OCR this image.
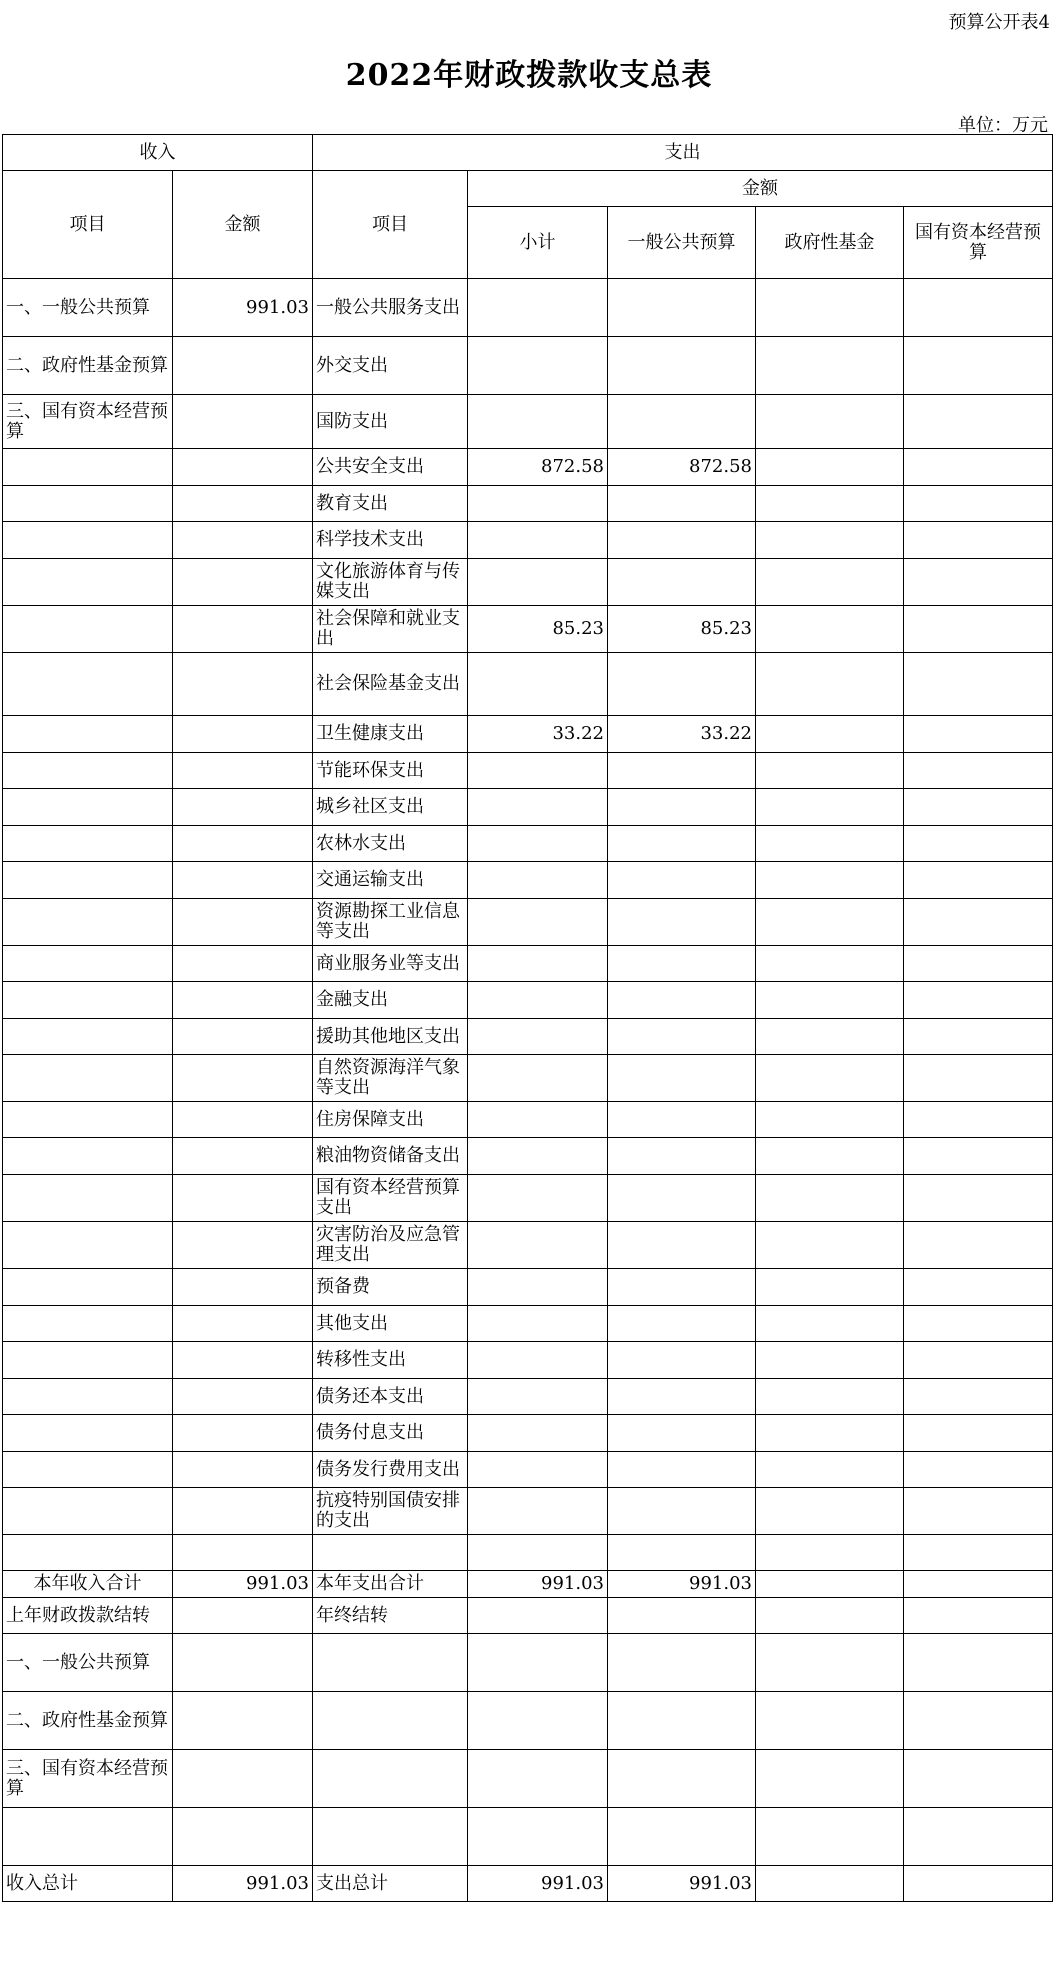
预算公开表4
2022年财政拨款收支总表
单位：万元
收入		支出				
项目	金额	项目	金额			
			小计	一般公共预算	政府性基金	国有资本经营预算
一、一般公共预算	991.03	一般公共服务支出				
二、政府性基金预算		外交支出				
三、国有资本经营预算		国防支出				
		公共安全支出	872.58	872.58		
		教育支出				
		科学技术支出				
		文化旅游体育与传媒支出				
		社会保障和就业支出	85.23	85.23		
		社会保险基金支出				
		卫生健康支出	33.22	33.22		
		节能环保支出				
		城乡社区支出				
		农林水支出				
		交通运输支出				
		资源勘探工业信息等支出				
		商业服务业等支出				
		金融支出				
		援助其他地区支出				
		自然资源海洋气象等支出				
		住房保障支出				
		粮油物资储备支出				
		国有资本经营预算支出				
		灾害防治及应急管理支出				
		预备费				
		其他支出				
		转移性支出				
		债务还本支出				
		债务付息支出				
		债务发行费用支出				
		抗疫特别国债安排的支出				

本年收入合计	991.03	本年支出合计	991.03	991.03		
上年财政拨款结转		年终结转				
一、一般公共预算						
二、政府性基金预算						
三、国有资本经营预算						

收入总计	991.03	支出总计	991.03	991.03		
